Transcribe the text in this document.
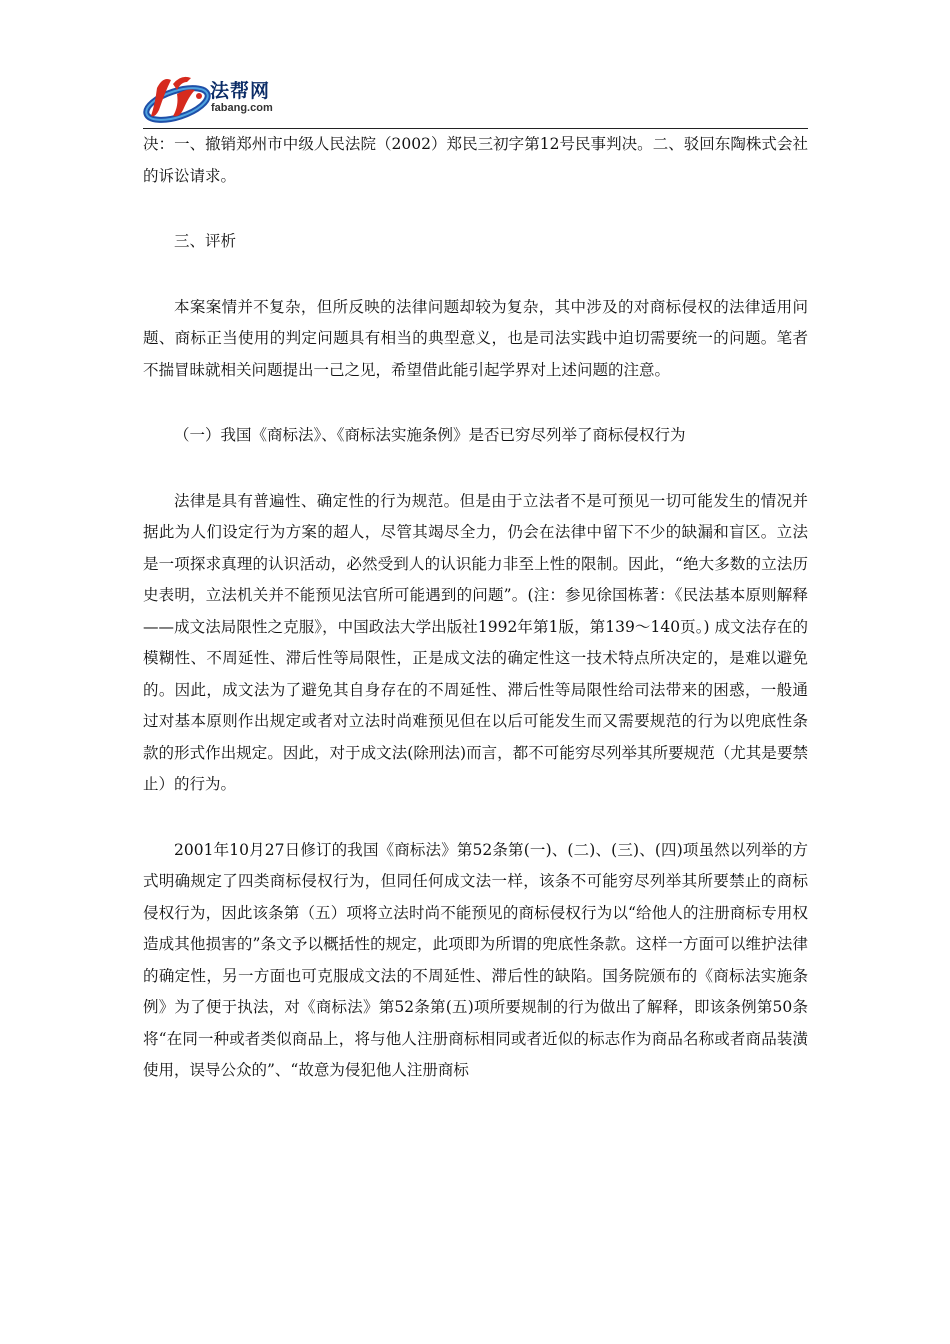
法帮网
fabang.com

决：一、撤销郑州市中级人民法院（2002）郑民三初字第12号民事判决。二、驳回东陶株式会社的诉讼请求。

三、评析

本案案情并不复杂，但所反映的法律问题却较为复杂，其中涉及的对商标侵权的法律适用问题、商标正当使用的判定问题具有相当的典型意义，也是司法实践中迫切需要统一的问题。笔者不揣冒昧就相关问题提出一己之见，希望借此能引起学界对上述问题的注意。

（一）我国《商标法》、《商标法实施条例》是否已穷尽列举了商标侵权行为

法律是具有普遍性、确定性的行为规范。但是由于立法者不是可预见一切可能发生的情况并据此为人们设定行为方案的超人，尽管其竭尽全力，仍会在法律中留下不少的缺漏和盲区。立法是一项探求真理的认识活动，必然受到人的认识能力非至上性的限制。因此，“绝大多数的立法历史表明，立法机关并不能预见法官所可能遇到的问题”。(注：参见徐国栋著：《民法基本原则解释——成文法局限性之克服》，中国政法大学出版社1992年第1版，第139～140页。) 成文法存在的模糊性、不周延性、滞后性等局限性，正是成文法的确定性这一技术特点所决定的，是难以避免的。因此，成文法为了避免其自身存在的不周延性、滞后性等局限性给司法带来的困惑，一般通过对基本原则作出规定或者对立法时尚难预见但在以后可能发生而又需要规范的行为以兜底性条款的形式作出规定。因此，对于成文法(除刑法)而言，都不可能穷尽列举其所要规范（尤其是要禁止）的行为。

2001年10月27日修订的我国《商标法》第52条第(一)、(二)、(三)、(四)项虽然以列举的方式明确规定了四类商标侵权行为，但同任何成文法一样，该条不可能穷尽列举其所要禁止的商标侵权行为，因此该条第（五）项将立法时尚不能预见的商标侵权行为以“给他人的注册商标专用权造成其他损害的”条文予以概括性的规定，此项即为所谓的兜底性条款。这样一方面可以维护法律的确定性，另一方面也可克服成文法的不周延性、滞后性的缺陷。国务院颁布的《商标法实施条例》为了便于执法，对《商标法》第52条第(五)项所要规制的行为做出了解释，即该条例第50条将“在同一种或者类似商品上，将与他人注册商标相同或者近似的标志作为商品名称或者商品装潢使用，误导公众的”、“故意为侵犯他人注册商标
